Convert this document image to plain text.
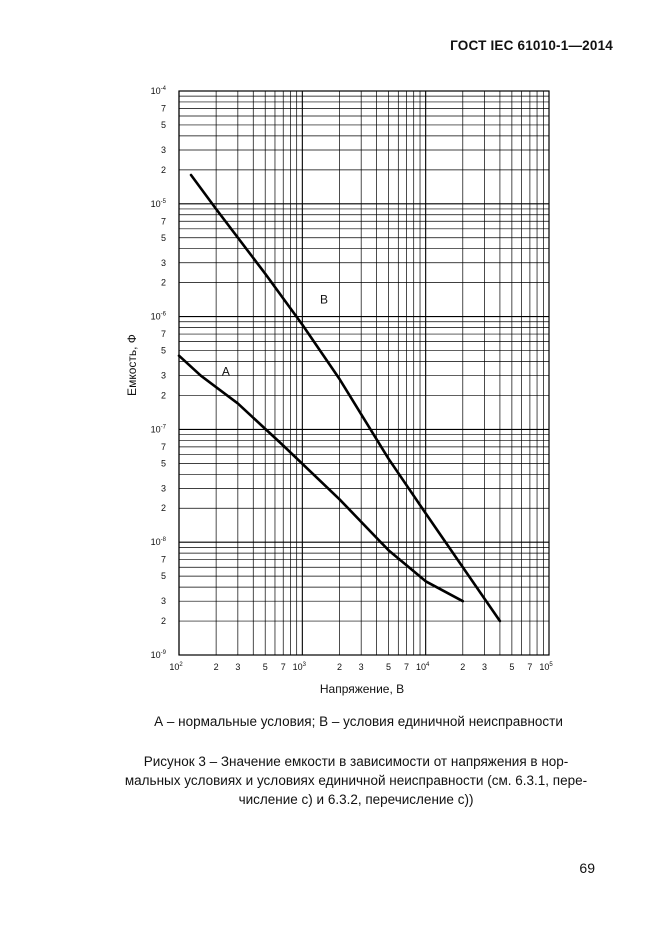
ГОСТ IEC 61010-1—2014
$10^2$	2 3 5 7 $10^3$	2 3 5 7 $10^4$	2 3 5 7 $10^5$
$10^{-4}$
7
5
3
2
$10^{-5}$
7
5
3
2
$10^{-6}$
7
5
3
2
$10^{-7}$
7
5
3
2
$10^{-8}$
7
5
3
2
$10^{-9}$
А
В
Напряжение, В
Емкость, Ф
А – нормальные условия; В – условия единичной неисправности
Рисунок 3 – Значение емкости в зависимости от напряжения в нор-
мальных условиях и условиях единичной неисправности (см. 6.3.1, пере-
числение с) и 6.3.2, перечисление с))
69
